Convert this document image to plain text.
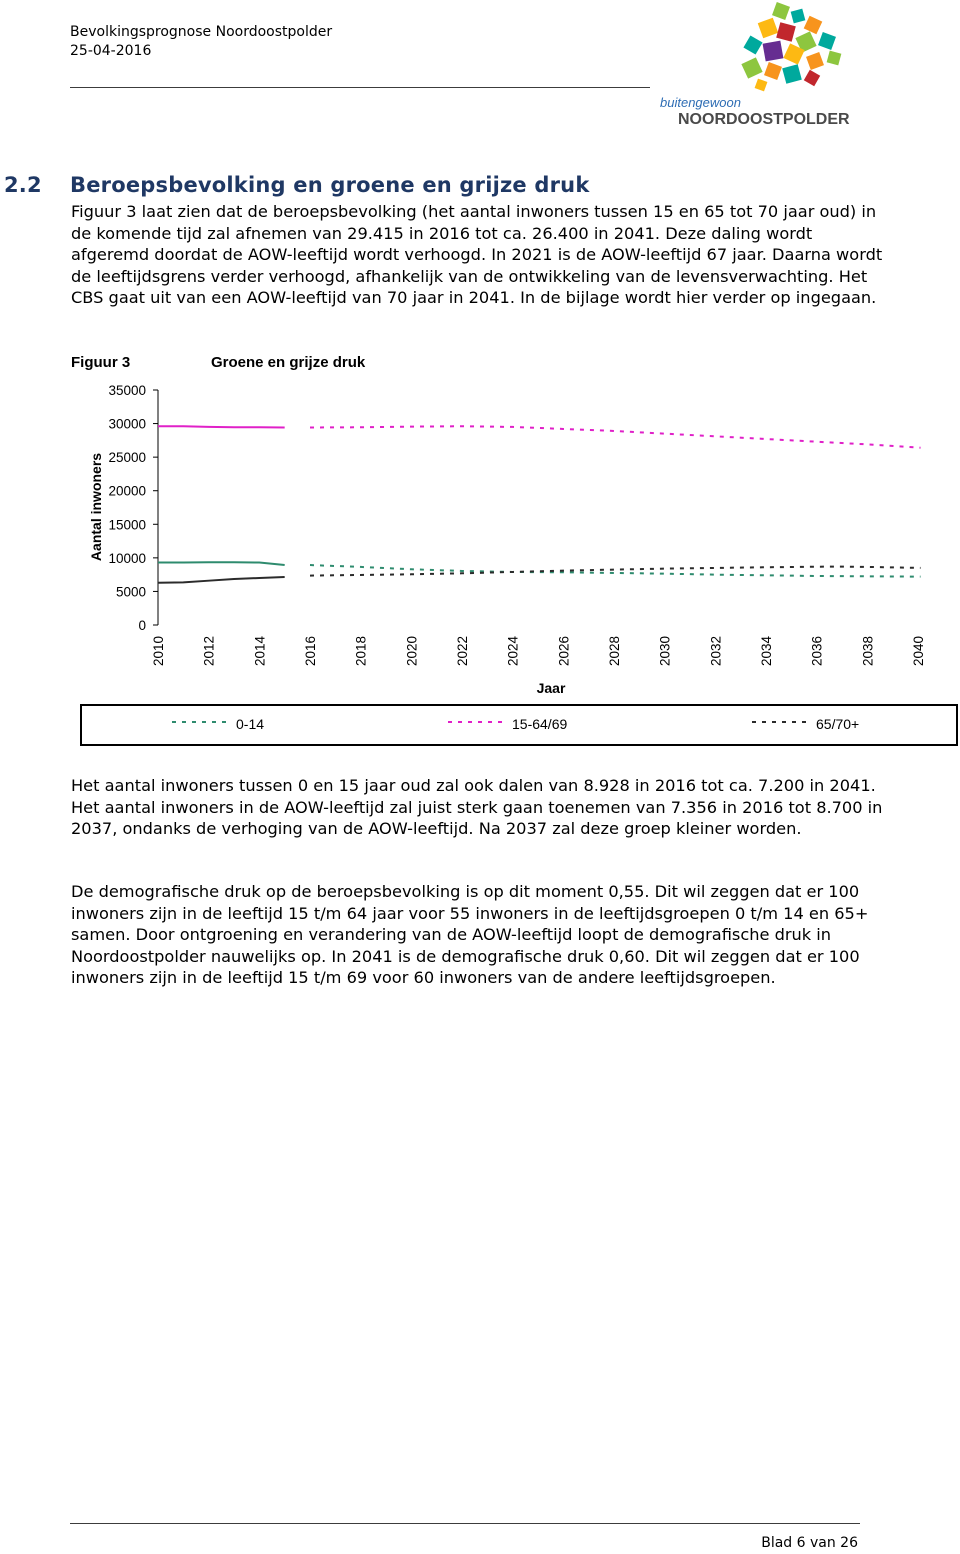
Bevolkingsprognose Noordoostpolder
25-04-2016
buitengewoon
NOORDOOSTPOLDER
2.2 Beroepsbevolking en groene en grijze druk

Figuur 3 laat zien dat de beroepsbevolking (het aantal inwoners tussen 15 en 65 tot 70 jaar oud) in de komende tijd zal afnemen van 29.415 in 2016 tot ca. 26.400 in 2041. Deze daling wordt afgeremd doordat de AOW-leeftijd wordt verhoogd. In 2021 is de AOW-leeftijd 67 jaar. Daarna wordt de leeftijdsgrens verder verhoogd, afhankelijk van de ontwikkeling van de levensverwachting. Het CBS gaat uit van een AOW-leeftijd van 70 jaar in 2041. In de bijlage wordt hier verder op ingegaan.

Figuur 3	Groene en grijze druk
Aantal inwoners
Jaar
0
5000
10000
15000
20000
25000
30000
35000
2010	2012	2014	2016	2018	2020	2022	2024	2026	2028	2030	2032	2034	2036	2038	2040
0-14	15-64/69	65/70+

Het aantal inwoners tussen 0 en 15 jaar oud zal ook dalen van 8.928 in 2016 tot ca. 7.200 in 2041. Het aantal inwoners in de AOW-leeftijd zal juist sterk gaan toenemen van 7.356 in 2016 tot 8.700 in 2037, ondanks de verhoging van de AOW-leeftijd. Na 2037 zal deze groep kleiner worden.

De demografische druk op de beroepsbevolking is op dit moment 0,55. Dit wil zeggen dat er 100 inwoners zijn in de leeftijd 15 t/m 64 jaar voor 55 inwoners in de leeftijdsgroepen 0 t/m 14 en 65+ samen. Door ontgroening en verandering van de AOW-leeftijd loopt de demografische druk in Noordoostpolder nauwelijks op. In 2041 is de demografische druk 0,60. Dit wil zeggen dat er 100 inwoners zijn in de leeftijd 15 t/m 69 voor 60 inwoners van de andere leeftijdsgroepen.

Blad 6 van 26
